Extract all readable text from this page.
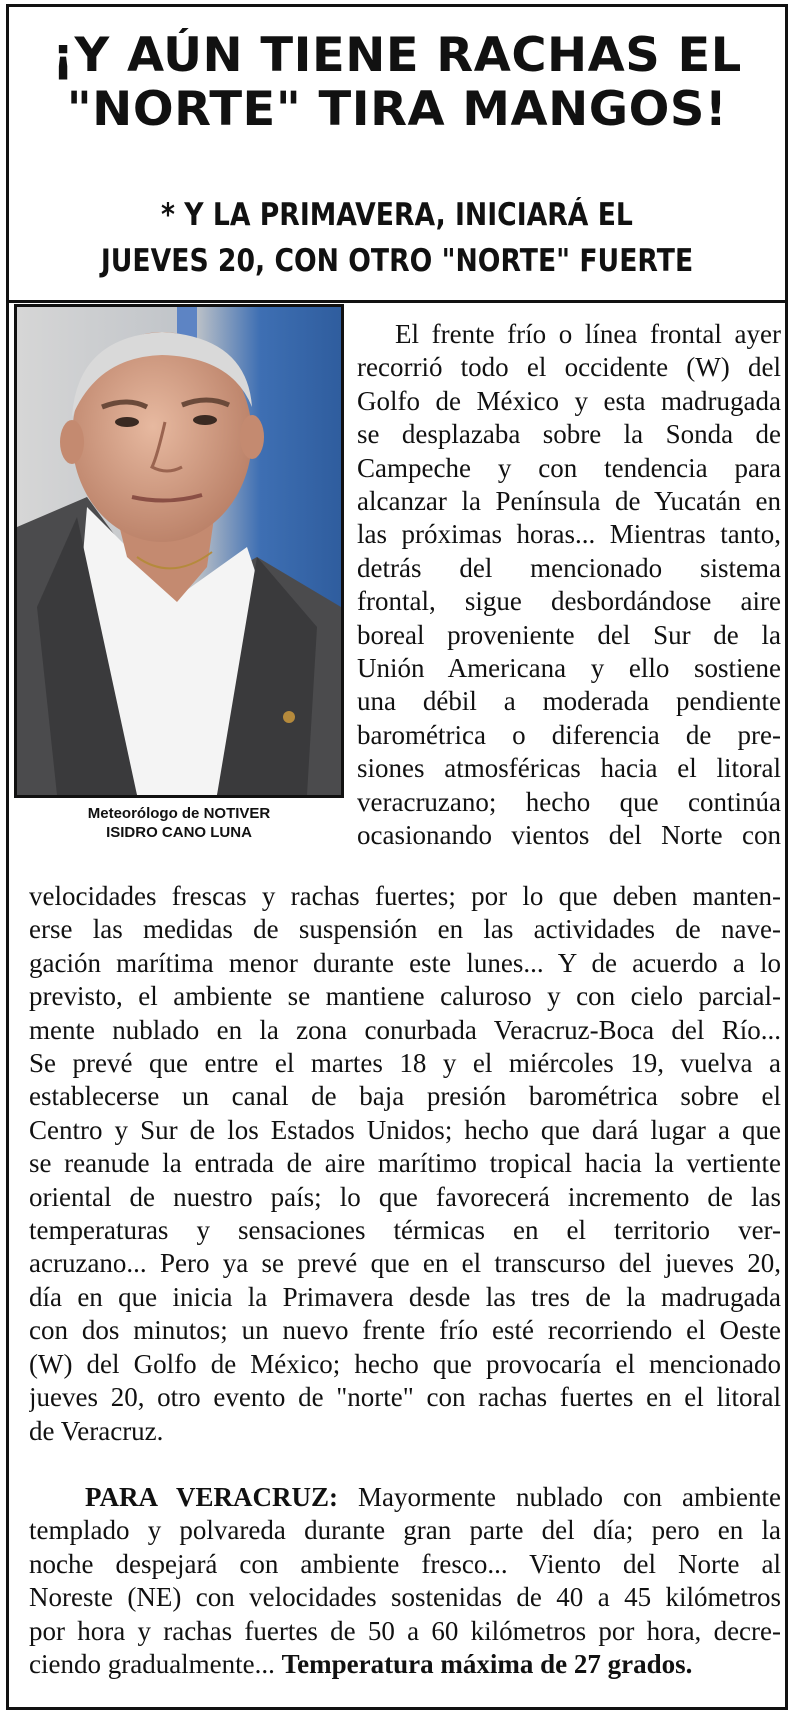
¡Y AÚN TIENE RACHAS EL
"NORTE" TIRA MANGOS!
* Y LA PRIMAVERA, INICIARÁ EL
JUEVES 20, CON OTRO "NORTE" FUERTE
Meteorólogo de NOTIVER
ISIDRO CANO LUNA
El frente frío o línea frontal ayer
recorrió todo el occidente (W) del
Golfo de México y esta madrugada
se desplazaba sobre la Sonda de
Campeche y con tendencia para
alcanzar la Península de Yucatán en
las próximas horas... Mientras tanto,
detrás del mencionado sistema
frontal, sigue desbordándose aire
boreal proveniente del Sur de la
Unión Americana y ello sostiene
una débil a moderada pendiente
barométrica o diferencia de pre-
siones atmosféricas hacia el litoral
veracruzano; hecho que continúa
ocasionando vientos del Norte con
velocidades frescas y rachas fuertes; por lo que deben manten-
erse las medidas de suspensión en las actividades de nave-
gación marítima menor durante este lunes... Y de acuerdo a lo
previsto, el ambiente se mantiene caluroso y con cielo parcial-
mente nublado en la zona conurbada Veracruz-Boca del Río...
Se prevé que entre el martes 18 y el miércoles 19, vuelva a
establecerse un canal de baja presión barométrica sobre el
Centro y Sur de los Estados Unidos; hecho que dará lugar a que
se reanude la entrada de aire marítimo tropical hacia la vertiente
oriental de nuestro país; lo que favorecerá incremento de las
temperaturas y sensaciones térmicas en el territorio ver-
acruzano... Pero ya se prevé que en el transcurso del jueves 20,
día en que inicia la Primavera desde las tres de la madrugada
con dos minutos; un nuevo frente frío esté recorriendo el Oeste
(W) del Golfo de México; hecho que provocaría el mencionado
jueves 20, otro evento de "norte" con rachas fuertes en el litoral
de Veracruz.
PARA VERACRUZ: Mayormente nublado con ambiente
templado y polvareda durante gran parte del día; pero en la
noche despejará con ambiente fresco... Viento del Norte al
Noreste (NE) con velocidades sostenidas de 40 a 45 kilómetros
por hora y rachas fuertes de 50 a 60 kilómetros por hora, decre-
ciendo gradualmente... Temperatura máxima de 27 grados.
